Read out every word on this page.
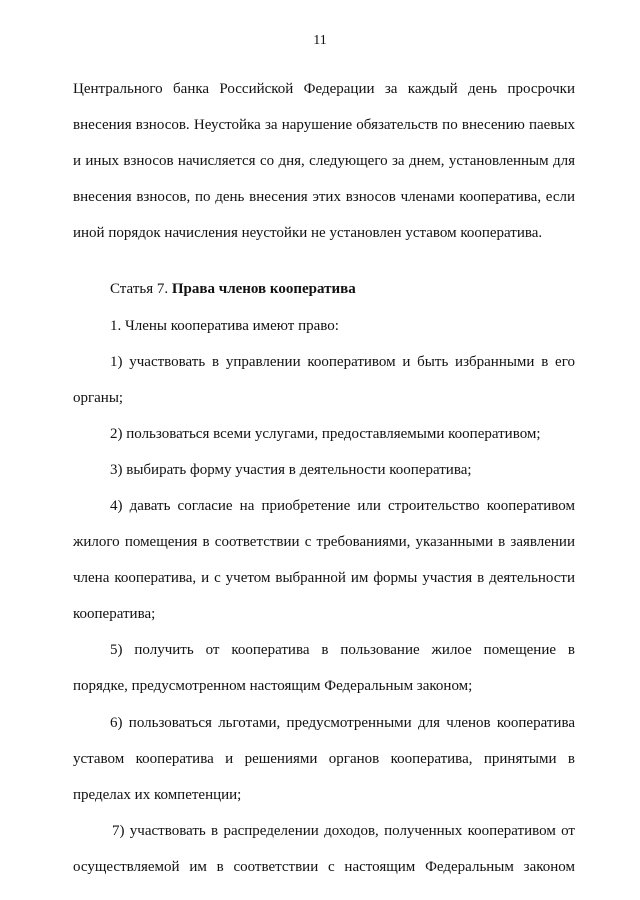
11
Центрального банка Российской Федерации за каждый день просрочки
внесения взносов. Неустойка за нарушение обязательств по внесению паевых
и иных взносов начисляется со дня, следующего за днем, установленным для
внесения взносов, по день внесения этих взносов членами кооператива, если
иной порядок начисления неустойки не установлен уставом кооператива.
Статья 7. Права членов кооператива
1. Члены кооператива имеют право:
1) участвовать в управлении кооперативом и быть избранными в его
органы;
2) пользоваться всеми услугами, предоставляемыми кооперативом;
3) выбирать форму участия в деятельности кооператива;
4) давать согласие на приобретение или строительство кооперативом
жилого помещения в соответствии с требованиями, указанными в заявлении
члена кооператива, и с учетом выбранной им формы участия в деятельности
кооператива;
5) получить от кооператива в пользование жилое помещение в
порядке, предусмотренном настоящим Федеральным законом;
6) пользоваться льготами, предусмотренными для членов кооператива
уставом кооператива и решениями органов кооператива, принятыми в
пределах их компетенции;
7) участвовать в распределении доходов, полученных кооперативом от
осуществляемой им в соответствии с настоящим Федеральным законом
